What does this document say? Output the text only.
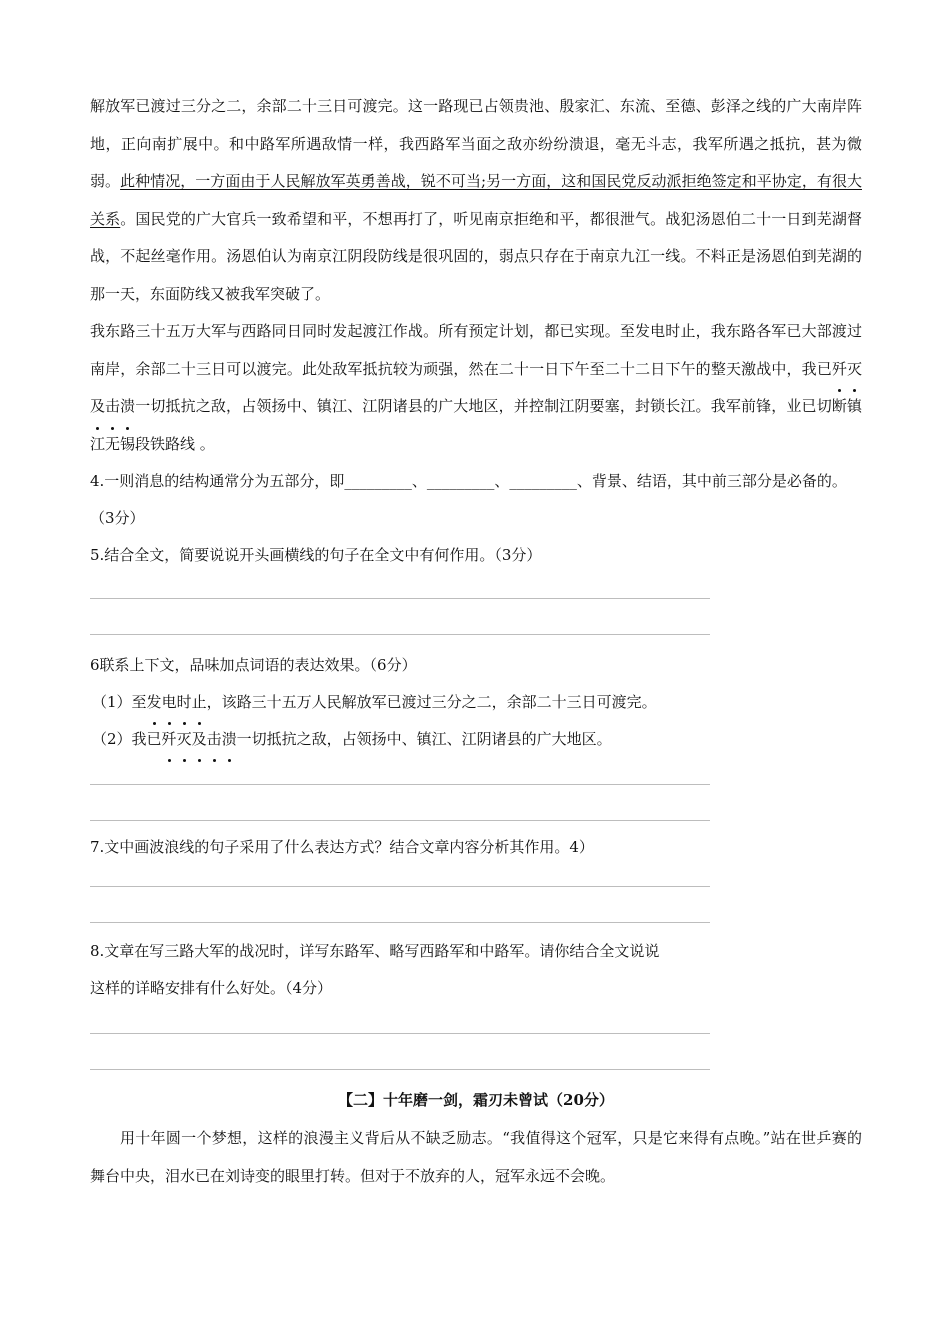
解放军已渡过三分之二，余部二十三日可渡完。这一路现已占领贵池、殷家汇、东流、至德、彭泽之线的广大南岸阵地，正向南扩展中。和中路军所遇敌情一样，我西路军当面之敌亦纷纷溃退，毫无斗志，我军所遇之抵抗，甚为微弱。此种情况，一方面由于人民解放军英勇善战，锐不可当;另一方面，这和国民党反动派拒绝签定和平协定，有很大关系。国民党的广大官兵一致希望和平，不想再打了，听见南京拒绝和平，都很泄气。战犯汤恩伯二十一日到芜湖督战，不起丝毫作用。汤恩伯认为南京江阴段防线是很巩固的，弱点只存在于南京九江一线。不料正是汤恩伯到芜湖的那一天，东面防线又被我军突破了。

我东路三十五万大军与西路同日同时发起渡江作战。所有预定计划，都已实现。至发电时止，我东路各军已大部渡过南岸，余部二十三日可以渡完。此处敌军抵抗较为顽强，然在二十一日下午至二十二日下午的整天激战中，我已歼灭及击溃一切抵抗之敌，占领扬中、镇江、江阴诸县的广大地区，并控制江阴要塞，封锁长江。我军前锋，业已切断镇江无锡段铁路线 。

4.一则消息的结构通常分为五部分，即_________、_________、_________、背景、结语，其中前三部分是必备的。（3分）

5.结合全文，简要说说开头画横线的句子在全文中有何作用。（3分）

6联系上下文，品味加点词语的表达效果。（6分）

（1）至发电时止，该路三十五万人民解放军已渡过三分之二，余部二十三日可渡完。

（2）我已歼灭及击溃一切抵抗之敌，占领扬中、镇江、江阴诸县的广大地区。

7.文中画波浪线的句子采用了什么表达方式？结合文章内容分析其作用。4）

8.文章在写三路大军的战况时，详写东路军、略写西路军和中路军。请你结合全文说说

这样的详略安排有什么好处。（4分）

【二】十年磨一剑，霜刃未曾试（20分）

用十年圆一个梦想，这样的浪漫主义背后从不缺乏励志。“我值得这个冠军，只是它来得有点晚。”站在世乒赛的舞台中央，泪水已在刘诗变的眼里打转。但对于不放弃的人，冠军永远不会晚。
